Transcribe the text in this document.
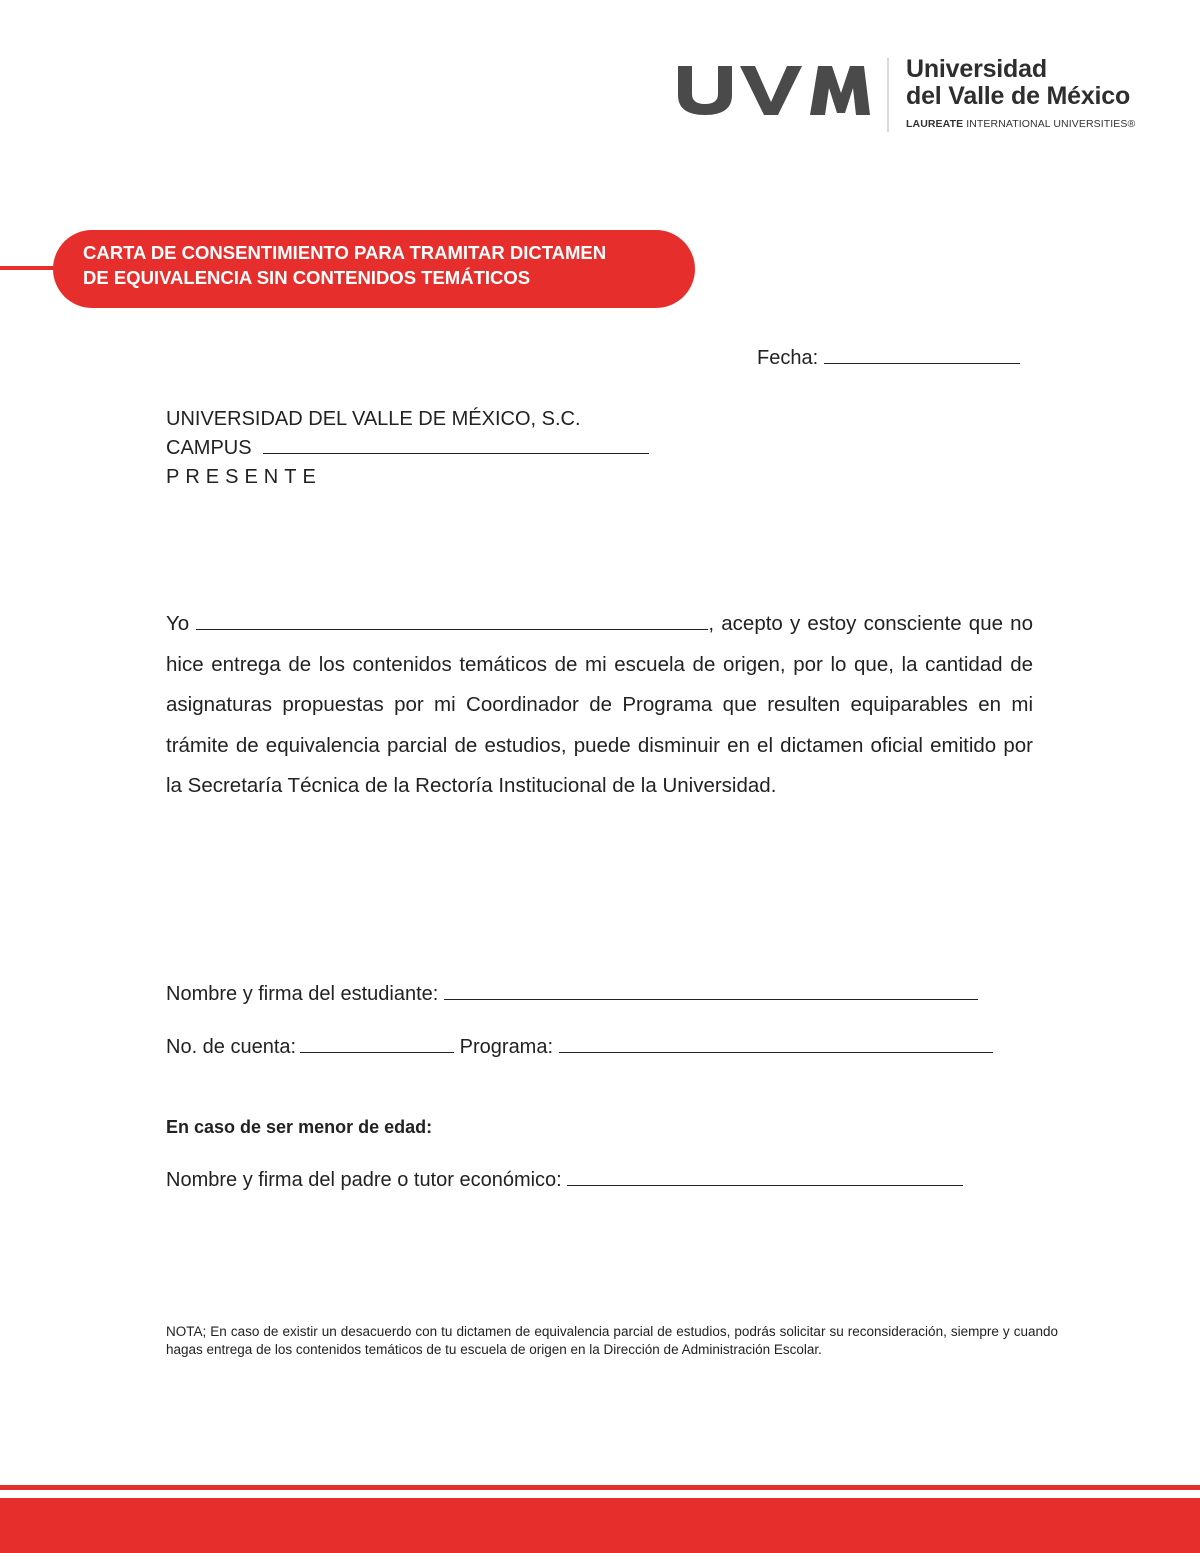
Universidad
del Valle de México
LAUREATE INTERNATIONAL UNIVERSITIES®
CARTA DE CONSENTIMIENTO PARA TRAMITAR DICTAMEN
DE EQUIVALENCIA SIN CONTENIDOS TEMÁTICOS
Fecha:
UNIVERSIDAD DEL VALLE DE MÉXICO, S.C.
CAMPUS
PRESENTE
Yo	, acepto y estoy consciente que no hice entrega de los contenidos temáticos de mi escuela de origen, por lo que, la cantidad de asignaturas propuestas por mi Coordinador de Programa que resulten equiparables en mi trámite de equivalencia parcial de estudios, puede disminuir en el dictamen oficial emitido por la Secretaría Técnica de la Rectoría Institucional de la Universidad.
Nombre y firma del estudiante:
No. de cuenta:	Programa:
En caso de ser menor de edad:
Nombre y firma del padre o tutor económico:
NOTA; En caso de existir un desacuerdo con tu dictamen de equivalencia parcial de estudios, podrás solicitar su reconsideración, siempre y cuando hagas entrega de los contenidos temáticos de tu escuela de origen en la Dirección de Administración Escolar.
